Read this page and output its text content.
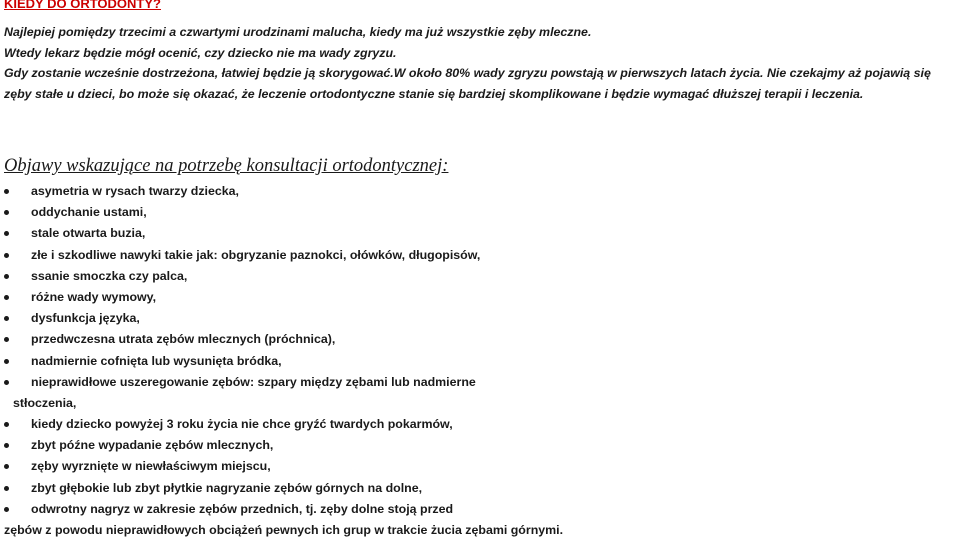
KIEDY DO ORTODONTY?

Najlepiej pomiędzy trzecimi a czwartymi urodzinami malucha, kiedy ma już wszystkie zęby mleczne.

Wtedy lekarz będzie mógł ocenić, czy dziecko nie ma wady zgryzu.

Gdy zostanie wcześnie dostrzeżona, łatwiej będzie ją skorygować.W około 80% wady zgryzu powstają w pierwszych latach życia. Nie czekajmy aż pojawią się zęby stałe u dzieci, bo może się okazać, że leczenie ortodontyczne stanie się bardziej skomplikowane i będzie wymagać dłuższej terapii i leczenia.

Objawy wskazujące na potrzebę konsultacji ortodontycznej:
asymetria w rysach twarzy dziecka,
oddychanie ustami,
stale otwarta buzia,
złe i szkodliwe nawyki takie jak: obgryzanie paznokci, ołówków, długopisów,
ssanie smoczka czy palca,
różne wady wymowy,
dysfunkcja języka,
przedwczesna utrata zębów mlecznych (próchnica),
nadmiernie cofnięta lub wysunięta bródka,
nieprawidłowe uszeregowanie zębów: szpary między zębami lub nadmierne
stłoczenia,
kiedy dziecko powyżej 3 roku życia nie chce gryźć twardych pokarmów,
zbyt późne wypadanie zębów mlecznych,
zęby wyrznięte w niewłaściwym miejscu,
zbyt głębokie lub zbyt płytkie nagryzanie zębów górnych na dolne,
odwrotny nagryz w zakresie zębów przednich, tj. zęby dolne stoją przed
zębów z powodu nieprawidłowych obciążeń pewnych ich grup w trakcie żucia zębami górnymi.
